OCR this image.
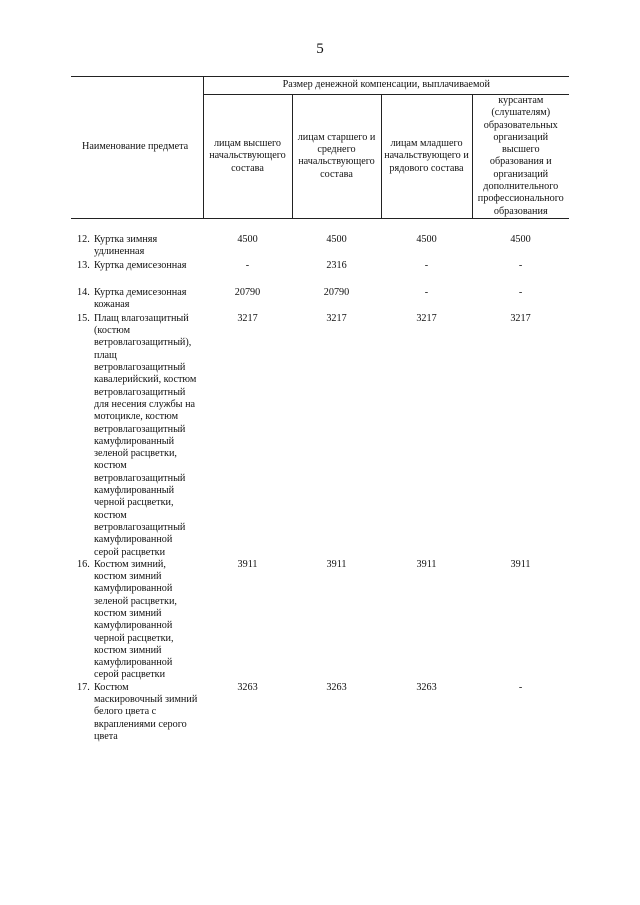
5
Наименование предмета	Размер денежной компенсации, выплачиваемой			
	лицам высшего начальствующего состава	лицам старшего и среднего начальствующего состава	лицам младшего начальствующего и рядового состава	курсантам (слушателям) образовательных организаций высшего образования и организаций дополнительного профессионального образования

12. Куртка зимняя удлиненная	4500	4500	4500	4500

13. Куртка демисезонная	-	2316	-	-

14. Куртка демисезонная кожаная	20790	20790	-	-

15. Плащ влагозащитный (костюм ветровлагозащитный), плащ ветровлагозащитный кавалерийский, костюм ветровлагозащитный для несения службы на мотоцикле, костюм ветровлагозащитный камуфлированный зеленой расцветки, костюм ветровлагозащитный камуфлированный черной расцветки, костюм ветровлагозащитный камуфлированной серой расцветки	3217	3217	3217	3217

16. Костюм зимний, костюм зимний камуфлированной зеленой расцветки, костюм зимний камуфлированной черной расцветки, костюм зимний камуфлированной серой расцветки	3911	3911	3911	3911

17. Костюм маскировочный зимний белого цвета с вкраплениями серого цвета	3263	3263	3263	-
